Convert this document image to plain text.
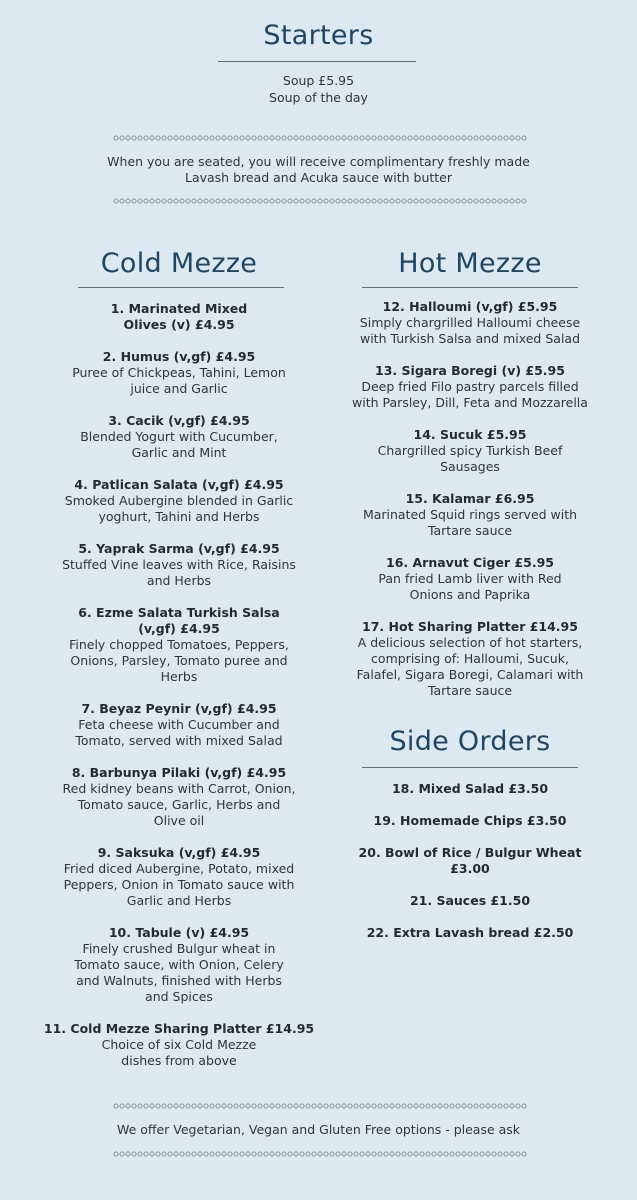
Starters
Soup £5.95
Soup of the day
When you are seated, you will receive complimentary freshly made
Lavash bread and Acuka sauce with butter
Cold Mezze
1. Marinated Mixed
Olives (v) £4.95
2. Humus (v,gf) £4.95
Puree of Chickpeas, Tahini, Lemon
juice and Garlic
3. Cacik (v,gf) £4.95
Blended Yogurt with Cucumber,
Garlic and Mint
4. Patlican Salata (v,gf) £4.95
Smoked Aubergine blended in Garlic
yoghurt, Tahini and Herbs
5. Yaprak Sarma (v,gf) £4.95
Stuffed Vine leaves with Rice, Raisins
and Herbs
6. Ezme Salata Turkish Salsa
(v,gf) £4.95
Finely chopped Tomatoes, Peppers,
Onions, Parsley, Tomato puree and
Herbs
7. Beyaz Peynir (v,gf) £4.95
Feta cheese with Cucumber and
Tomato, served with mixed Salad
8. Barbunya Pilaki (v,gf) £4.95
Red kidney beans with Carrot, Onion,
Tomato sauce, Garlic, Herbs and
Olive oil
9. Saksuka (v,gf) £4.95
Fried diced Aubergine, Potato, mixed
Peppers, Onion in Tomato sauce with
Garlic and Herbs
10. Tabule (v) £4.95
Finely crushed Bulgur wheat in
Tomato sauce, with Onion, Celery
and Walnuts, finished with Herbs
and Spices
11. Cold Mezze Sharing Platter £14.95
Choice of six Cold Mezze
dishes from above
Hot Mezze
12. Halloumi (v,gf) £5.95
Simply chargrilled Halloumi cheese
with Turkish Salsa and mixed Salad
13. Sigara Boregi (v) £5.95
Deep fried Filo pastry parcels filled
with Parsley, Dill, Feta and Mozzarella
14. Sucuk £5.95
Chargrilled spicy Turkish Beef
Sausages
15. Kalamar £6.95
Marinated Squid rings served with
Tartare sauce
16. Arnavut Ciger £5.95
Pan fried Lamb liver with Red
Onions and Paprika
17. Hot Sharing Platter £14.95
A delicious selection of hot starters,
comprising of: Halloumi, Sucuk,
Falafel, Sigara Boregi, Calamari with
Tartare sauce
Side Orders
18. Mixed Salad £3.50
19. Homemade Chips £3.50
20. Bowl of Rice / Bulgur Wheat
£3.00
21. Sauces £1.50
22. Extra Lavash bread £2.50
We offer Vegetarian, Vegan and Gluten Free options - please ask
